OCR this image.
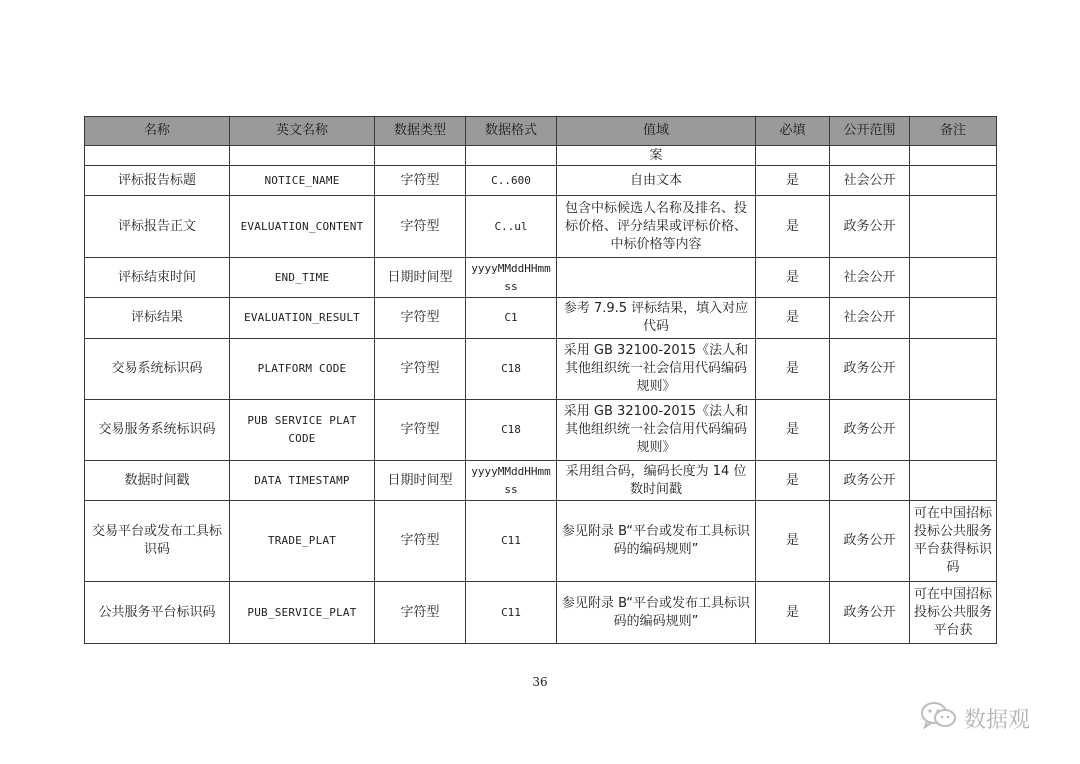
名称	英文名称	数据类型	数据格式	值域	必填	公开范围	备注
				案			
评标报告标题	NOTICE_NAME	字符型	C..600	自由文本	是	社会公开	
评标报告正文	EVALUATION_CONTENT	字符型	C..ul	包含中标候选人名称及排名、投标价格、评分结果或评标价格、中标价格等内容	是	政务公开	
评标结束时间	END_TIME	日期时间型	yyyyMMddHHmmss		是	社会公开	
评标结果	EVALUATION_RESULT	字符型	C1	参考 7.9.5 评标结果，填入对应代码	是	社会公开	
交易系统标识码	PLATFORM CODE	字符型	C18	采用 GB 32100-2015《法人和其他组织统一社会信用代码编码规则》	是	政务公开	
交易服务系统标识码	PUB SERVICE PLAT CODE	字符型	C18	采用 GB 32100-2015《法人和其他组织统一社会信用代码编码规则》	是	政务公开	
数据时间戳	DATA TIMESTAMP	日期时间型	yyyyMMddHHmmss	采用组合码，编码长度为 14 位数时间戳	是	政务公开	
交易平台或发布工具标识码	TRADE_PLAT	字符型	C11	参见附录 B“平台或发布工具标识码的编码规则”	是	政务公开	可在中国招标投标公共服务平台获得标识码
公共服务平台标识码	PUB_SERVICE_PLAT	字符型	C11	参见附录 B“平台或发布工具标识码的编码规则”	是	政务公开	可在中国招标投标公共服务平台获
36
数据观
